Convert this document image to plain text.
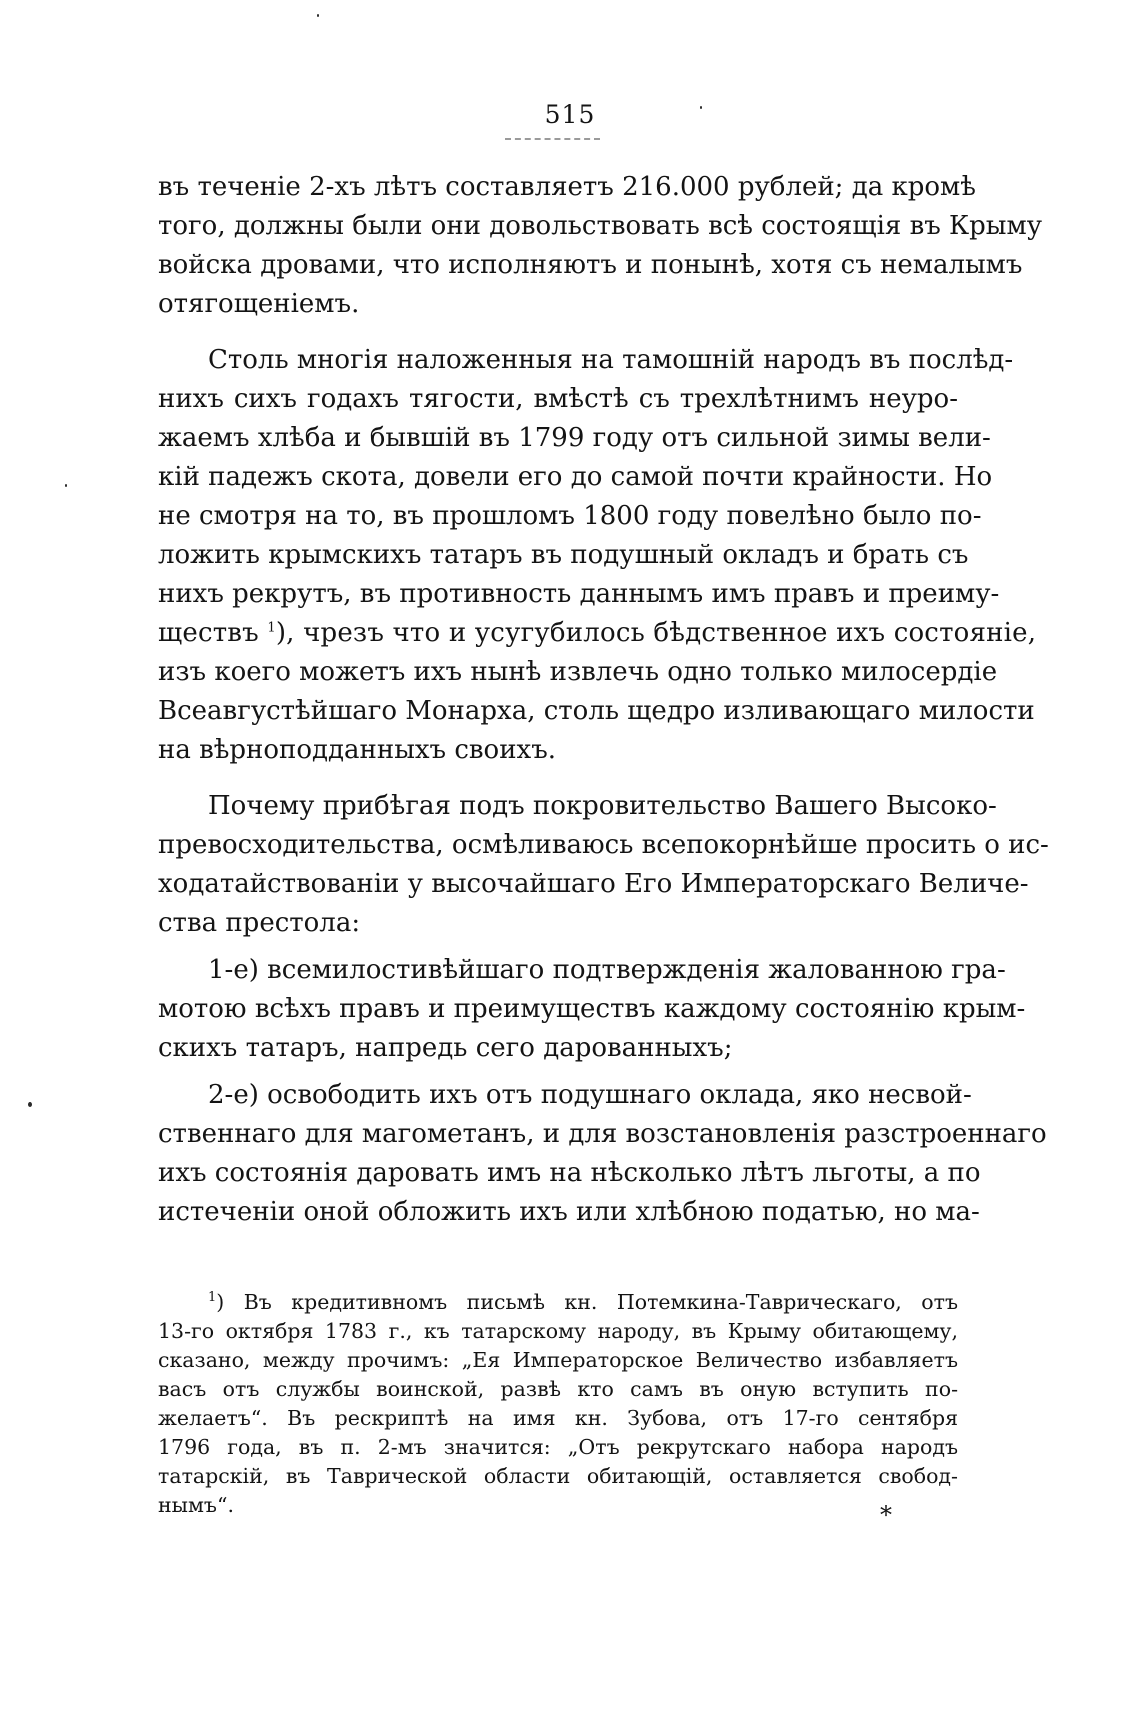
515
въ теченіе 2-хъ лѣтъ составляетъ 216.000 рублей; да кромѣ
того, должны были они довольствовать всѣ состоящія въ Крыму
войска дровами, что исполняютъ и понынѣ, хотя съ немалымъ
отягощеніемъ.
Столь многія наложенныя на тамошній народъ въ послѣд-
нихъ сихъ годахъ тягости, вмѣстѣ съ трехлѣтнимъ неуро-
жаемъ хлѣба и бывшій въ 1799 году отъ сильной зимы вели-
кій падежъ скота, довели его до самой почти крайности. Но
не смотря на то, въ прошломъ 1800 году повелѣно было по-
ложить крымскихъ татаръ въ подушный окладъ и брать съ
нихъ рекрутъ, въ противность даннымъ имъ правъ и преиму-
ществъ $^1$), чрезъ что и усугубилось бѣдственное ихъ состояніе,
изъ коего можетъ ихъ нынѣ извлечь одно только милосердіе
Всеавгустѣйшаго Монарха, столь щедро изливающаго милости
на вѣрноподданныхъ своихъ.
Почему прибѣгая подъ покровительство Вашего Высоко-
превосходительства, осмѣливаюсь всепокорнѣйше просить о ис-
ходатайствованіи у высочайшаго Его Императорскаго Величе-
ства престола:
1-е) всемилостивѣйшаго подтвержденія жалованною гра-
мотою всѣхъ правъ и преимуществъ каждому состоянію крым-
скихъ татаръ, напредь сего дарованныхъ;
2-е) освободить ихъ отъ подушнаго оклада, яко несвой-
ственнаго для магометанъ, и для возстановленія разстроеннаго
ихъ состоянія даровать имъ на нѣсколько лѣтъ льготы, а по
истеченіи оной обложить ихъ или хлѣбною податью, но ма-
$^1$) Въ кредитивномъ письмѣ кн. Потемкина-Таврическаго, отъ
13-го октября 1783 г., къ татарскому народу, въ Крыму обитающему,
сказано, между прочимъ: „Ея Императорское Величество избавляетъ
васъ отъ службы воинской, развѣ кто самъ въ оную вступить по-
желаетъ“. Въ рескриптѣ на имя кн. Зубова, отъ 17-го сентября
1796 года, въ п. 2-мъ значится: „Отъ рекрутскаго набора народъ
татарскій, въ Таврической области обитающій, оставляется свобод-
нымъ“.	*
